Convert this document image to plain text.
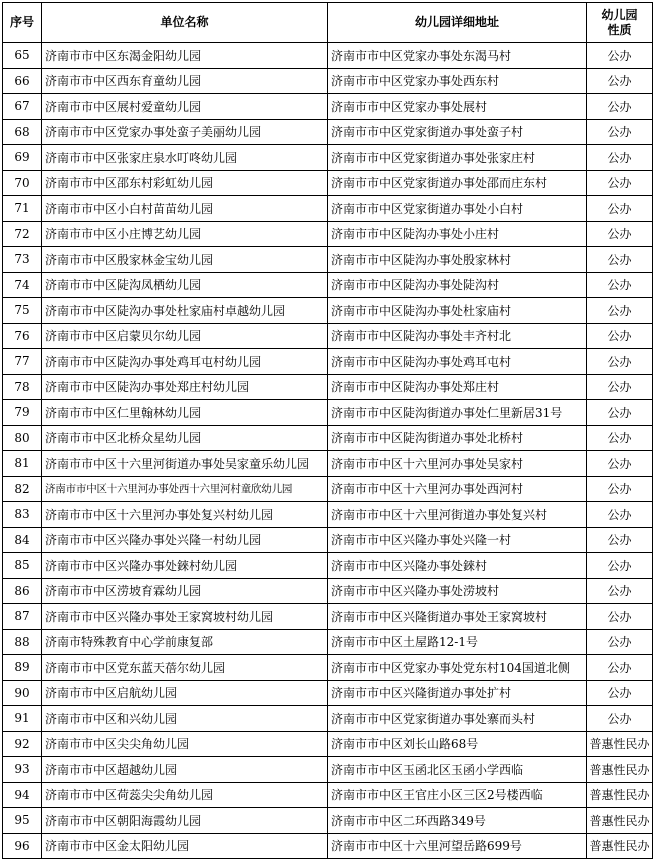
序号	单位名称	幼儿园详细地址	幼儿园
性质

65	济南市市中区东渴金阳幼儿园	济南市市中区党家办事处东渴马村	公办
66	济南市市中区西东育童幼儿园	济南市市中区党家办事处西东村	公办
67	济南市市中区展村爱童幼儿园	济南市市中区党家办事处展村	公办
68	济南市市中区党家办事处蛮子美丽幼儿园	济南市市中区党家街道办事处蛮子村	公办
69	济南市市中区张家庄泉水叮咚幼儿园	济南市市中区党家街道办事处张家庄村	公办
70	济南市市中区邵东村彩虹幼儿园	济南市市中区党家街道办事处邵而庄东村	公办
71	济南市市中区小白村苗苗幼儿园	济南市市中区党家街道办事处小白村	公办
72	济南市市中区小庄博艺幼儿园	济南市市中区陡沟办事处小庄村	公办
73	济南市市中区殷家林金宝幼儿园	济南市市中区陡沟办事处殷家林村	公办
74	济南市市中区陡沟凤栖幼儿园	济南市市中区陡沟办事处陡沟村	公办
75	济南市市中区陡沟办事处杜家庙村卓越幼儿园	济南市市中区陡沟办事处杜家庙村	公办
76	济南市市中区启蒙贝尔幼儿园	济南市市中区陡沟办事处丰齐村北	公办
77	济南市市中区陡沟办事处鸡耳屯村幼儿园	济南市市中区陡沟办事处鸡耳屯村	公办
78	济南市市中区陡沟办事处郑庄村幼儿园	济南市市中区陡沟办事处郑庄村	公办
79	济南市市中区仁里翰林幼儿园	济南市市中区陡沟街道办事处仁里新居31号	公办
80	济南市市中区北桥众星幼儿园	济南市市中区陡沟街道办事处北桥村	公办
81	济南市市中区十六里河街道办事处吴家童乐幼儿园	济南市市中区十六里河办事处吴家村	公办
82	济南市市中区十六里河办事处西十六里河村童欣幼儿园	济南市市中区十六里河办事处西河村	公办
83	济南市市中区十六里河办事处复兴村幼儿园	济南市市中区十六里河街道办事处复兴村	公办
84	济南市市中区兴隆办事处兴隆一村幼儿园	济南市市中区兴隆办事处兴隆一村	公办
85	济南市市中区兴隆办事处錸村幼儿园	济南市市中区兴隆办事处錸村	公办
86	济南市市中区涝坡育霖幼儿园	济南市市中区兴隆办事处涝坡村	公办
87	济南市市中区兴隆办事处王家窝坡村幼儿园	济南市市中区兴隆街道办事处王家窝坡村	公办
88	济南市特殊教育中心学前康复部	济南市市中区土屋路12-1号	公办
89	济南市市中区党东蓝天蓓尔幼儿园	济南市市中区党家办事处党东村104国道北侧	公办
90	济南市市中区启航幼儿园	济南市市中区兴隆街道办事处扩村	公办
91	济南市市中区和兴幼儿园	济南市市中区党家街道办事处寨而头村	公办
92	济南市市中区尖尖角幼儿园	济南市市中区刘长山路68号	普惠性民办
93	济南市市中区超越幼儿园	济南市市中区玉函北区玉函小学西临	普惠性民办
94	济南市市中区荷蕊尖尖角幼儿园	济南市市中区王官庄小区三区2号楼西临	普惠性民办
95	济南市市中区朝阳海霞幼儿园	济南市市中区二环西路349号	普惠性民办
96	济南市市中区金太阳幼儿园	济南市市中区十六里河望岳路699号	普惠性民办
